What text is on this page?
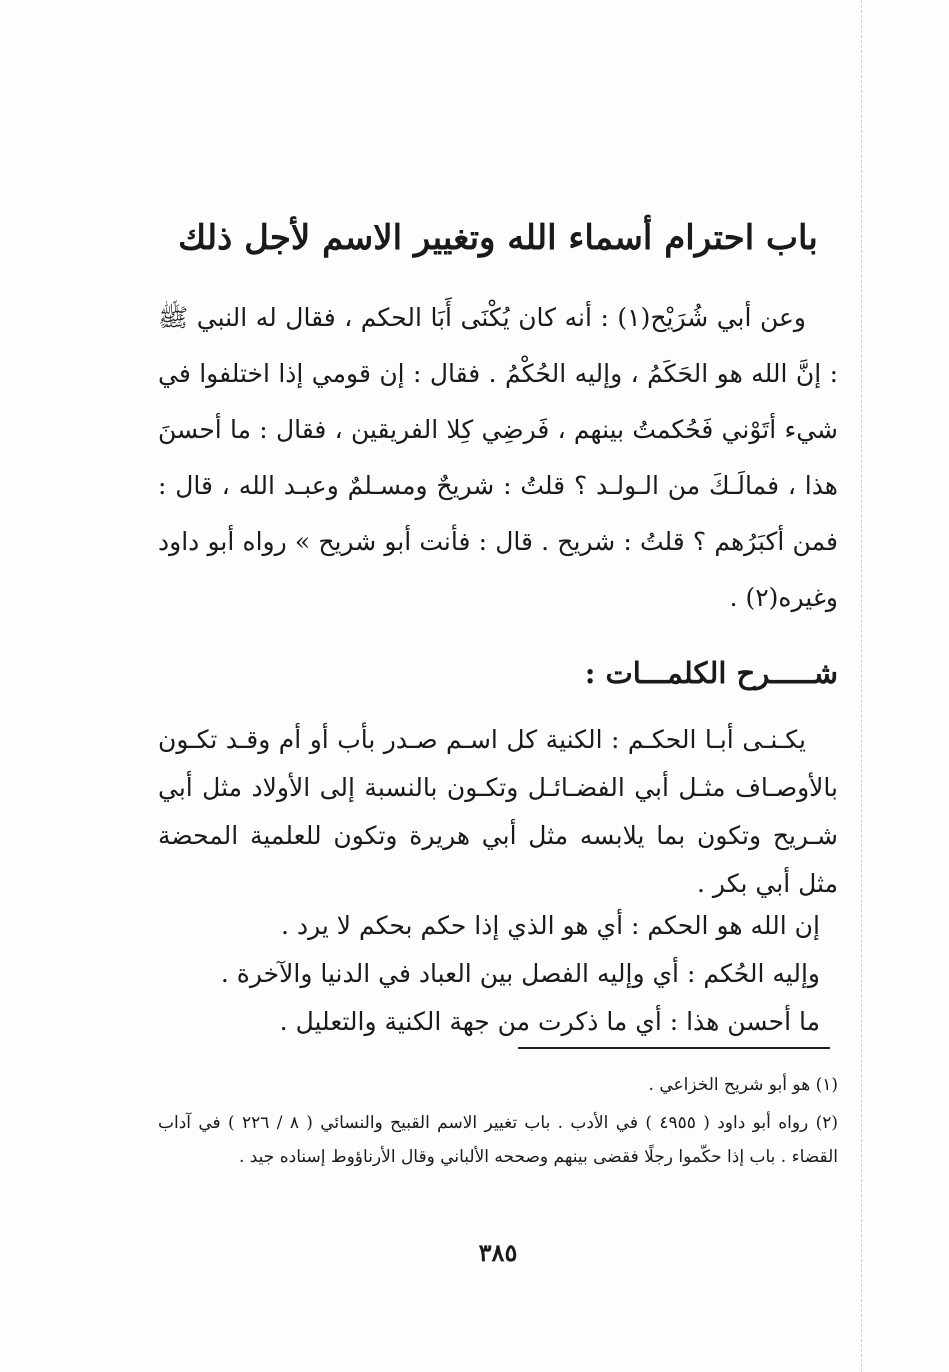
باب احترام أسماء الله وتغيير الاسم لأجل ذلك

وعن أبي شُرَيْح(١) : أنه كان يُكْنَى أَبَا الحكم ، فقال له النبي ﷺ : إنَّ الله هو الحَكَمُ ، وإليه الحُكْمُ . فقال : إن قومي إذا اختلفوا في شيء أتَوْني فَحُكمتُ بينهم ، فَرضِي كِلا الفريقين ، فقال : ما أحسنَ هذا ، فمالَـكَ من الـولـد ؟ قلتُ : شريحٌ ومسـلمٌ وعبـد الله ، قال : فمن أكبَرُهم ؟ قلتُ : شريح . قال : فأنت أبو شريح » رواه أبو داود وغيره(٢) .

شـــــرح الكلمـــات :

يكـنـى أبـا الحكـم : الكنية كل اسـم صـدر بأب أو أم وقـد تكـون بالأوصـاف مثـل أبي الفضـائـل وتكـون بالنسبة إلى الأولاد مثل أبي شـريح وتكون بما يلابسه مثل أبي هريرة وتكون للعلمية المحضة مثل أبي بكر .

إن الله هو الحكم : أي هو الذي إذا حكم بحكم لا يرد .
وإليه الحُكم : أي وإليه الفصل بين العباد في الدنيا والآخرة .
ما أحسن هذا : أي ما ذكرت من جهة الكنية والتعليل .
(١) هو أبو شريح الخزاعي .
(٢) رواه أبو داود ( ٤٩٥٥ ) في الأدب . باب تغيير الاسم القبيح والنسائي ( ٨ / ٢٢٦ ) في آداب القضاء . باب إذا حكّموا رجلًا فقضى بينهم وصححه الألباني وقال الأرناؤوط إسناده جيد .
٣٨٥
